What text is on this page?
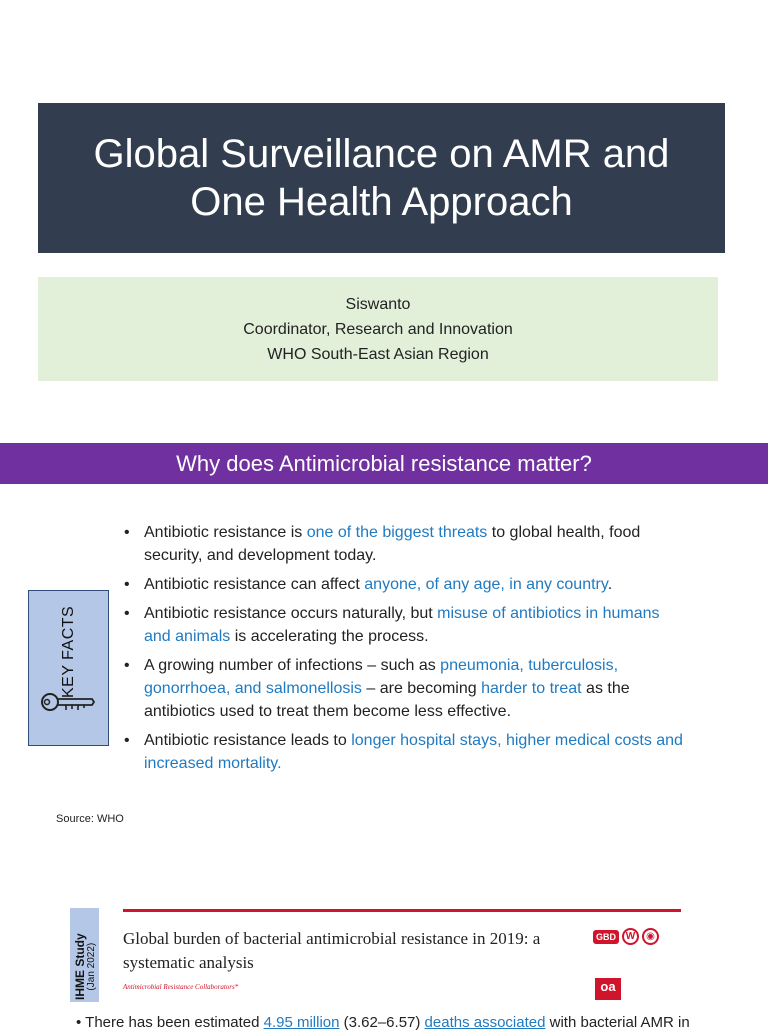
Global Surveillance on AMR and
One Health Approach
Siswanto
Coordinator, Research and Innovation
WHO South-East Asian Region
Why does Antimicrobial resistance matter?
KEY FACTS
• Antibiotic resistance is one of the biggest threats to global health, food security, and development today.
• Antibiotic resistance can affect anyone, of any age, in any country.
• Antibiotic resistance occurs naturally, but misuse of antibiotics in humans and animals is accelerating the process.
• A growing number of infections – such as pneumonia, tuberculosis, gonorrhoea, and salmonellosis – are becoming harder to treat as the antibiotics used to treat them become less effective.
• Antibiotic resistance leads to longer hospital stays, higher medical costs and increased mortality.
Source: WHO
IHME Study (Jan 2022)
Global burden of bacterial antimicrobial resistance in 2019: a systematic analysis
Antimicrobial Resistance Collaborators*
GBD W	◉
oa
• There has been estimated 4.95 million (3.62–6.57) deaths associated with bacterial AMR in
